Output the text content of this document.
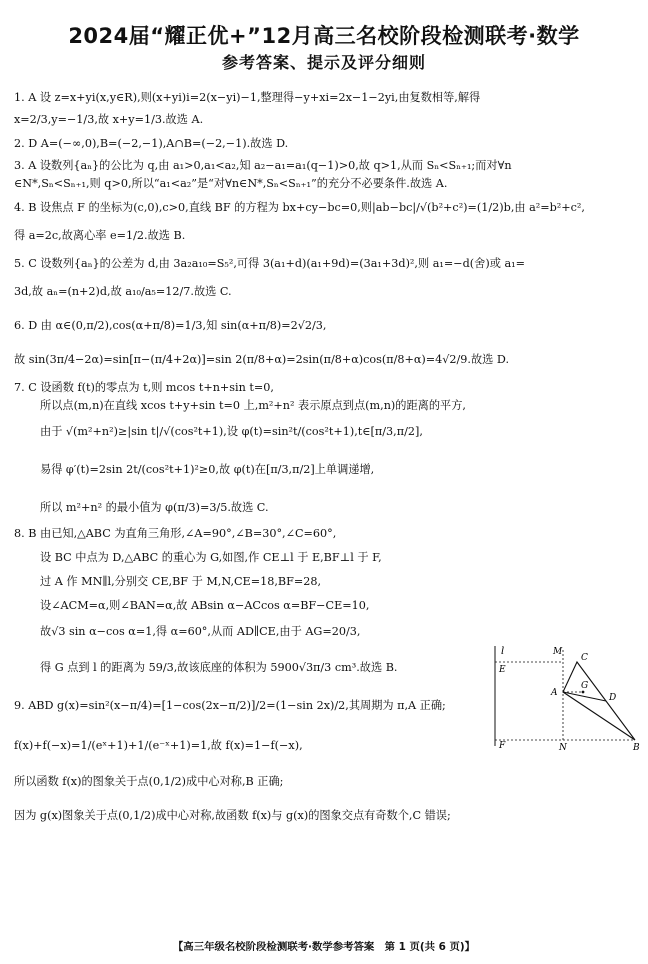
2024届“耀正优+”12月高三名校阶段检测联考·数学
参考答案、提示及评分细则
1. A 设 z=x+yi(x,y∈R),则(x+yi)i=2(x−yi)−1,整理得−y+xi=2x−1−2yi,由复数相等,解得
x=2/3,y=−1/3,故 x+y=1/3.故选 A.
2. D A=(−∞,0),B=(−2,−1),A∩B=(−2,−1).故选 D.
3. A 设数列{aₙ}的公比为 q,由 a₁>0,a₁<a₂,知 a₂−a₁=a₁(q−1)>0,故 q>1,从而 Sₙ<Sₙ₊₁;而对∀n
∈N*,Sₙ<Sₙ₊₁,则 q>0,所以“a₁<a₂”是“对∀n∈N*,Sₙ<Sₙ₊₁”的充分不必要条件.故选 A.
4. B 设焦点 F 的坐标为(c,0),c>0,直线 BF 的方程为 bx+cy−bc=0,则|ab−bc|/√(b²+c²)=(1/2)b,由 a²=b²+c²,
得 a=2c,故离心率 e=1/2.故选 B.
5. C 设数列{aₙ}的公差为 d,由 3a₂a₁₀=S₅²,可得 3(a₁+d)(a₁+9d)=(3a₁+3d)²,则 a₁=−d(舍)或 a₁=
3d,故 aₙ=(n+2)d,故 a₁₀/a₅=12/7.故选 C.
6. D 由 α∈(0,π/2),cos(α+π/8)=1/3,知 sin(α+π/8)=2√2/3,
故 sin(3π/4−2α)=sin[π−(π/4+2α)]=sin 2(π/8+α)=2sin(π/8+α)cos(π/8+α)=4√2/9.故选 D.
7. C 设函数 f(t)的零点为 t,则 mcos t+n+sin t=0,
所以点(m,n)在直线 xcos t+y+sin t=0 上,m²+n² 表示原点到点(m,n)的距离的平方,
由于 √(m²+n²)≥|sin t|/√(cos²t+1),设 φ(t)=sin²t/(cos²t+1),t∈[π/3,π/2],
易得 φ′(t)=2sin 2t/(cos²t+1)²≥0,故 φ(t)在[π/3,π/2]上单调递增,
所以 m²+n² 的最小值为 φ(π/3)=3/5.故选 C.
8. B 由已知,△ABC 为直角三角形,∠A=90°,∠B=30°,∠C=60°,
设 BC 中点为 D,△ABC 的重心为 G,如图,作 CE⊥l 于 E,BF⊥l 于 F,
过 A 作 MN∥l,分别交 CE,BF 于 M,N,CE=18,BF=28,
设∠ACM=α,则∠BAN=α,故 ABsin α−ACcos α=BF−CE=10,
故√3 sin α−cos α=1,得 α=60°,从而 AD∥CE,由于 AG=20/3,
得 G 点到 l 的距离为 59/3,故该底座的体积为 5900√3π/3 cm³.故选 B.
9. ABD g(x)=sin²(x−π/4)=[1−cos(2x−π/2)]/2=(1−sin 2x)/2,其周期为 π,A 正确;
f(x)+f(−x)=1/(eˣ+1)+1/(e⁻ˣ+1)=1,故 f(x)=1−f(−x),
所以函数 f(x)的图象关于点(0,1/2)成中心对称,B 正确;
因为 g(x)图象关于点(0,1/2)成中心对称,故函数 f(x)与 g(x)的图象交点有奇数个,C 错误;
l	M
C
E
A
G
D
F	N	B
【高三年级名校阶段检测联考·数学参考答案　第 1 页(共 6 页)】
